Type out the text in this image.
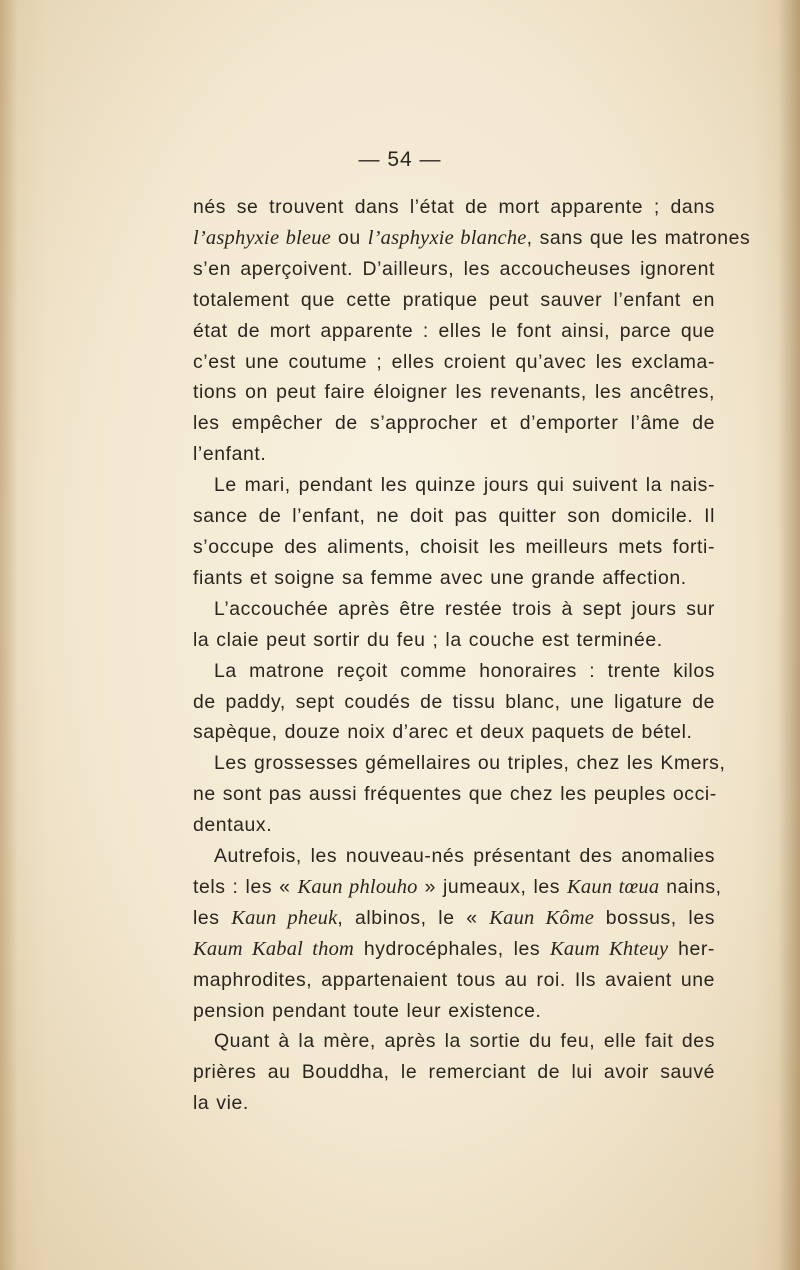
— 54 —
nés se trouvent dans l’état de mort apparente ; dans
l’asphyxie bleue ou l’asphyxie blanche, sans que les matrones
s’en aperçoivent. D’ailleurs, les accoucheuses ignorent
totalement que cette pratique peut sauver l’enfant en
état de mort apparente : elles le font ainsi, parce que
c’est une coutume ; elles croient qu’avec les exclama-
tions on peut faire éloigner les revenants, les ancêtres,
les empêcher de s’approcher et d’emporter l’âme de
l’enfant.
Le mari, pendant les quinze jours qui suivent la nais-
sance de l’enfant, ne doit pas quitter son domicile. Il
s’occupe des aliments, choisit les meilleurs mets forti-
fiants et soigne sa femme avec une grande affection.
L’accouchée après être restée trois à sept jours sur
la claie peut sortir du feu ; la couche est terminée.
La matrone reçoit comme honoraires : trente kilos
de paddy, sept coudés de tissu blanc, une ligature de
sapèque, douze noix d’arec et deux paquets de bétel.
Les grossesses gémellaires ou triples, chez les Kmers,
ne sont pas aussi fréquentes que chez les peuples occi-
dentaux.
Autrefois, les nouveau-nés présentant des anomalies
tels : les « Kaun phlouho » jumeaux, les Kaun tœua nains,
les Kaun pheuk, albinos, le « Kaun Kôme bossus, les
Kaum Kabal thom hydrocéphales, les Kaum Khteuy her-
maphrodites, appartenaient tous au roi. Ils avaient une
pension pendant toute leur existence.
Quant à la mère, après la sortie du feu, elle fait des
prières au Bouddha, le remerciant de lui avoir sauvé
la vie.
